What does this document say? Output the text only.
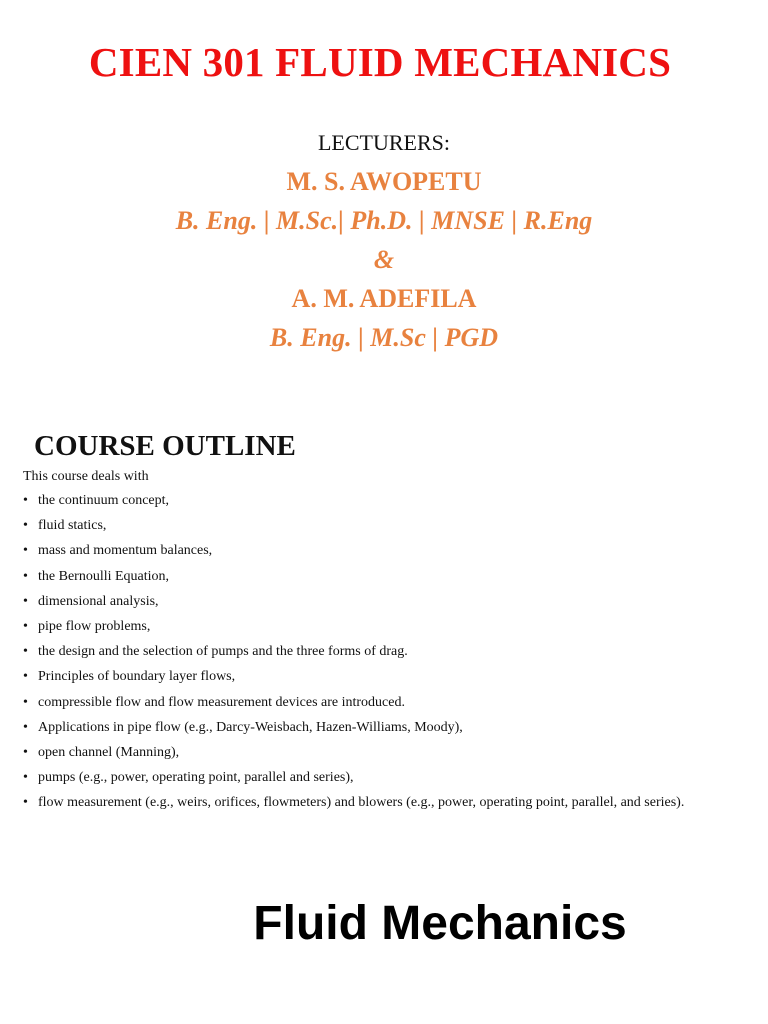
CIEN 301 FLUID MECHANICS
LECTURERS:
M. S. AWOPETU
B. Eng. | M.Sc.| Ph.D. | MNSE | R.Eng
&
A. M. ADEFILA
B. Eng. | M.Sc | PGD
COURSE OUTLINE

This course deals with

• the continuum concept,
• fluid statics,
• mass and momentum balances,
• the Bernoulli Equation,
• dimensional analysis,
• pipe flow problems,
• the design and the selection of pumps and the three forms of drag.
• Principles of boundary layer flows,
• compressible flow and flow measurement devices are introduced.
• Applications in pipe flow (e.g., Darcy-Weisbach, Hazen-Williams, Moody),
• open channel (Manning),
• pumps (e.g., power, operating point, parallel and series),
• flow measurement (e.g., weirs, orifices, flowmeters) and blowers (e.g., power, operating point, parallel, and series).
Fluid Mechanics
